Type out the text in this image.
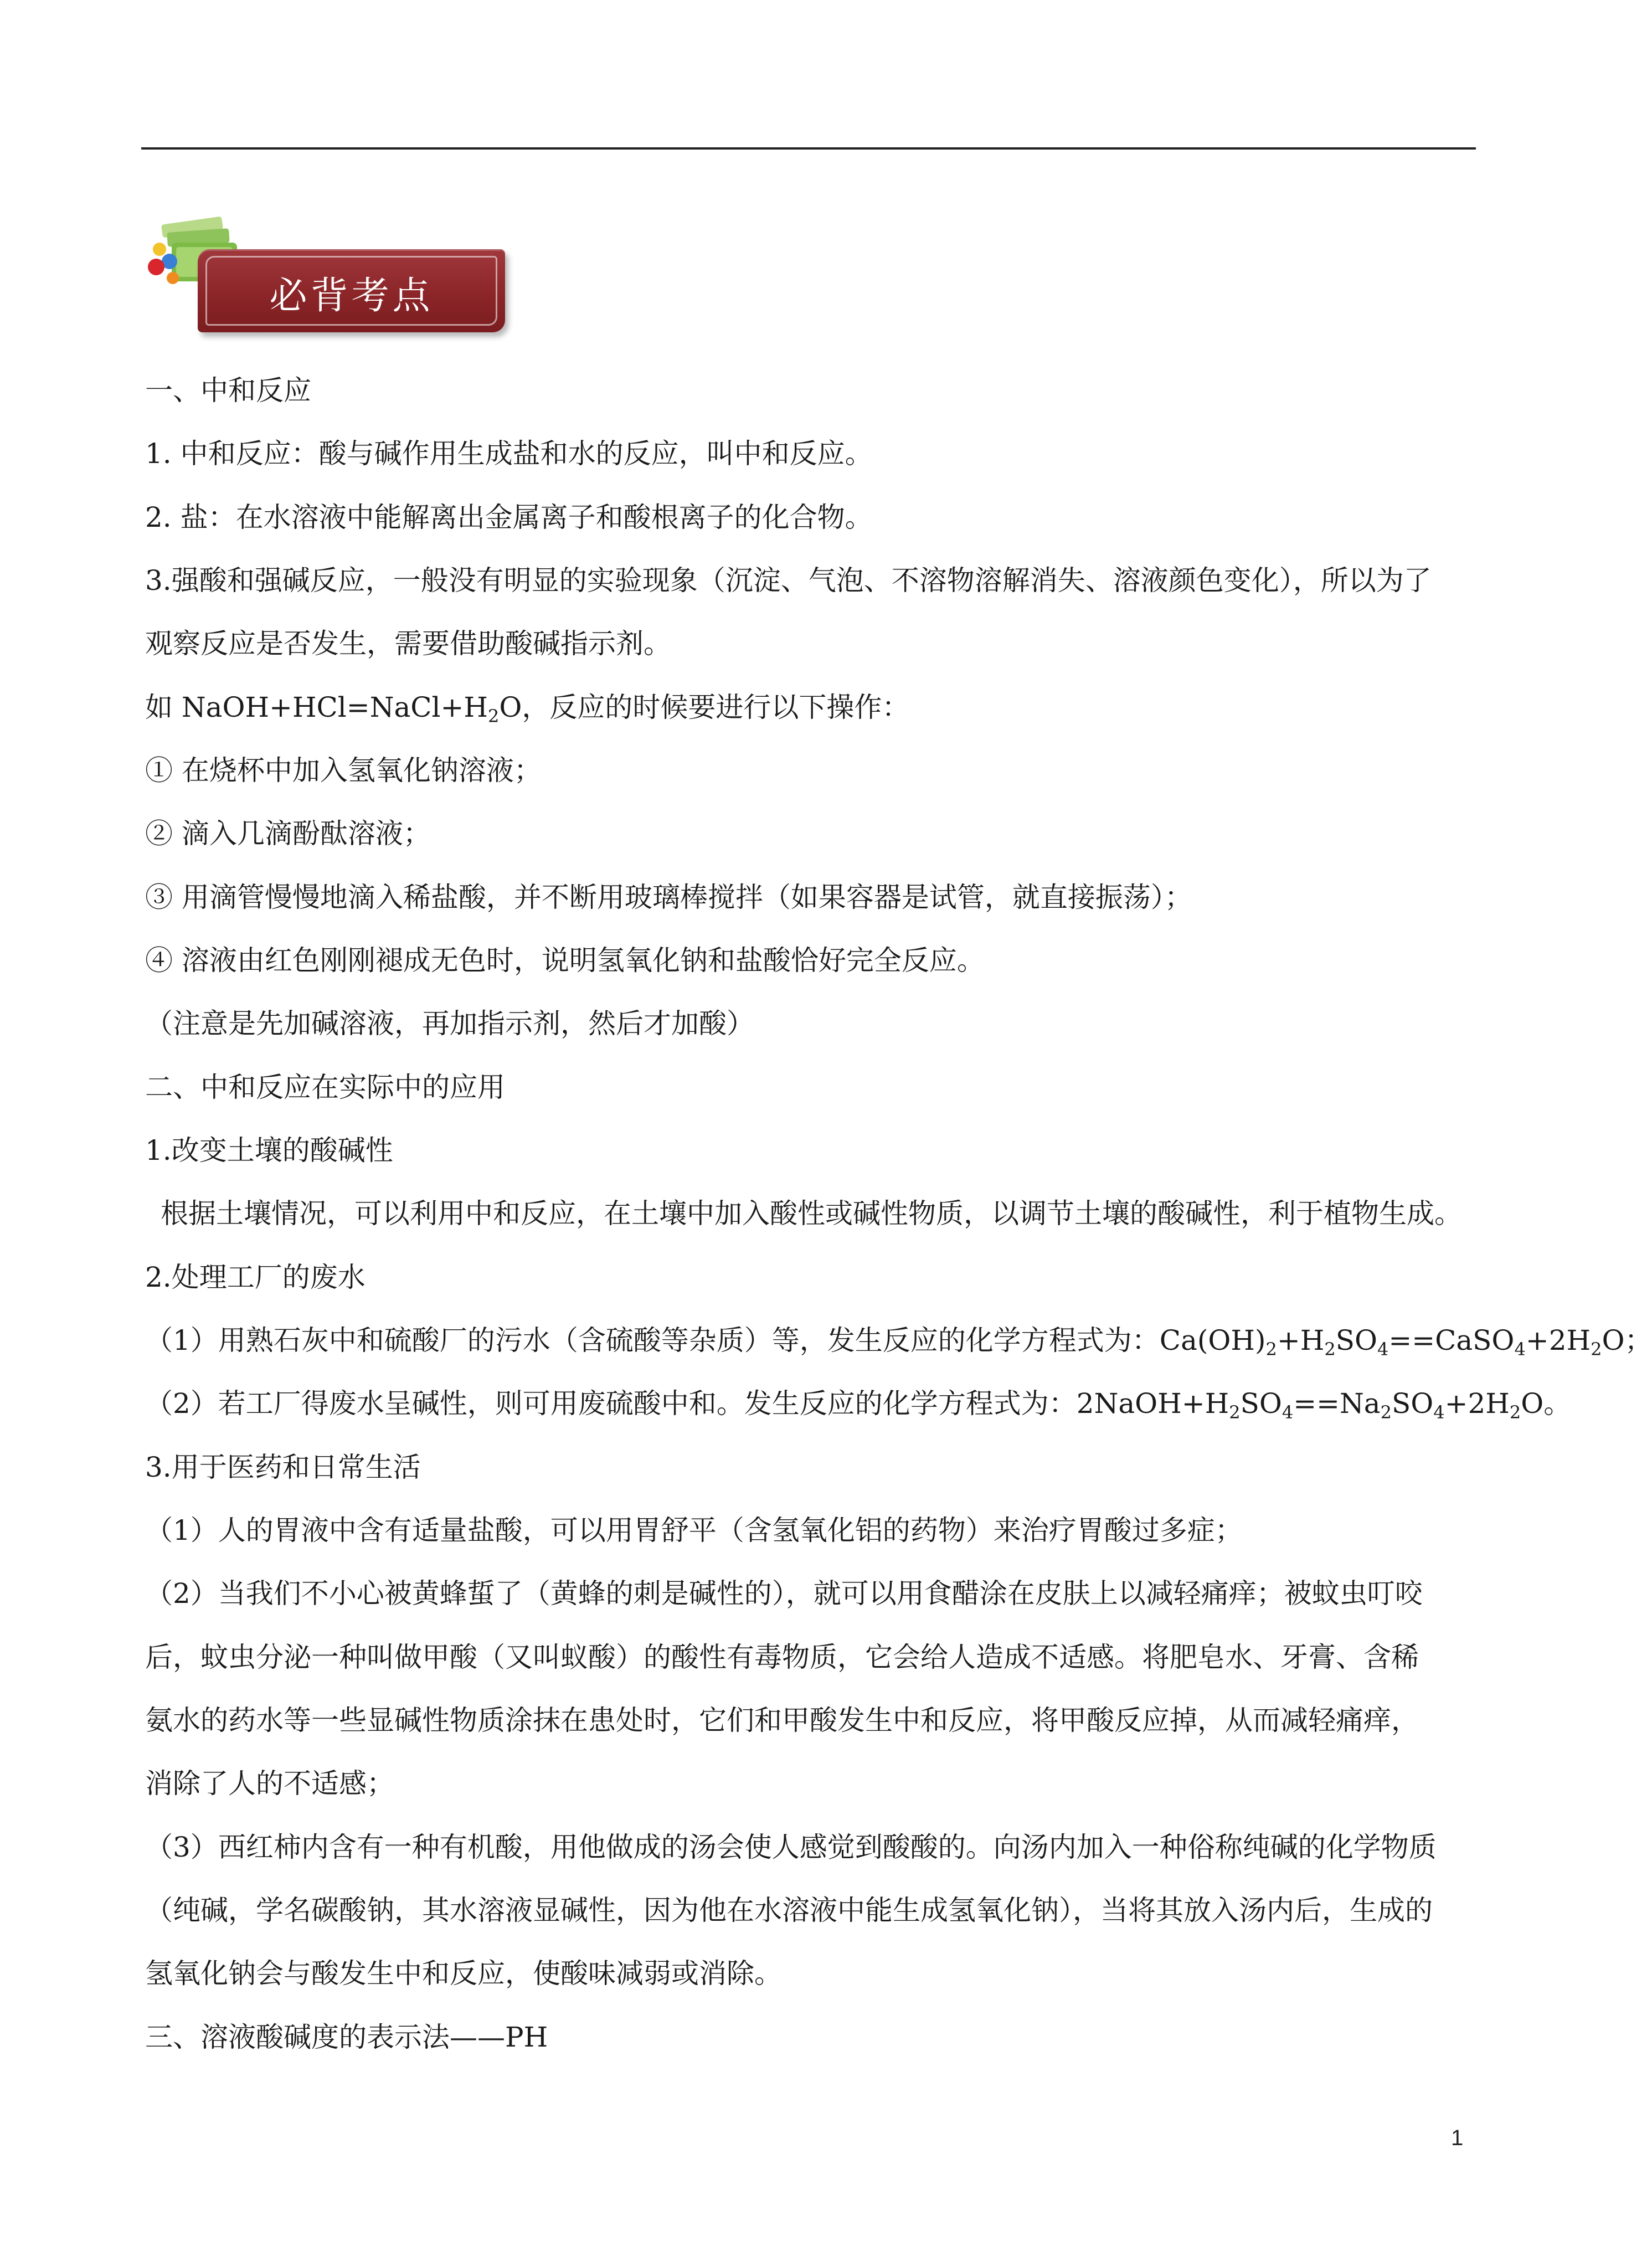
必背考点

一、中和反应

1. 中和反应：酸与碱作用生成盐和水的反应，叫中和反应。

2. 盐：在水溶液中能解离出金属离子和酸根离子的化合物。

3.强酸和强碱反应，一般没有明显的实验现象（沉淀、气泡、不溶物溶解消失、溶液颜色变化），所以为了

观察反应是否发生，需要借助酸碱指示剂。

如 $NaOH+HCl=NaCl+H_2O$，反应的时候要进行以下操作：

① 在烧杯中加入氢氧化钠溶液；

② 滴入几滴酚酞溶液；

③ 用滴管慢慢地滴入稀盐酸，并不断用玻璃棒搅拌（如果容器是试管，就直接振荡）；

④ 溶液由红色刚刚褪成无色时，说明氢氧化钠和盐酸恰好完全反应。

（注意是先加碱溶液，再加指示剂，然后才加酸）

二、中和反应在实际中的应用

1.改变土壤的酸碱性

根据土壤情况，可以利用中和反应，在土壤中加入酸性或碱性物质，以调节土壤的酸碱性，利于植物生成。

2.处理工厂的废水

（1）用熟石灰中和硫酸厂的污水（含硫酸等杂质）等，发生反应的化学方程式为：$Ca(OH)_2+H_2SO_4==CaSO_4+2H_2O$；

（2）若工厂得废水呈碱性，则可用废硫酸中和。发生反应的化学方程式为：$2NaOH+H_2SO_4==Na_2SO_4+2H_2O$。

3.用于医药和日常生活

（1）人的胃液中含有适量盐酸，可以用胃舒平（含氢氧化铝的药物）来治疗胃酸过多症；

（2）当我们不小心被黄蜂蜇了（黄蜂的刺是碱性的），就可以用食醋涂在皮肤上以减轻痛痒；被蚊虫叮咬

后，蚊虫分泌一种叫做甲酸（又叫蚁酸）的酸性有毒物质，它会给人造成不适感。将肥皂水、牙膏、含稀

氨水的药水等一些显碱性物质涂抹在患处时，它们和甲酸发生中和反应，将甲酸反应掉，从而减轻痛痒，

消除了人的不适感；

（3）西红柿内含有一种有机酸，用他做成的汤会使人感觉到酸酸的。向汤内加入一种俗称纯碱的化学物质

（纯碱，学名碳酸钠，其水溶液显碱性，因为他在水溶液中能生成氢氧化钠），当将其放入汤内后，生成的

氢氧化钠会与酸发生中和反应，使酸味减弱或消除。

三、溶液酸碱度的表示法——PH

1
